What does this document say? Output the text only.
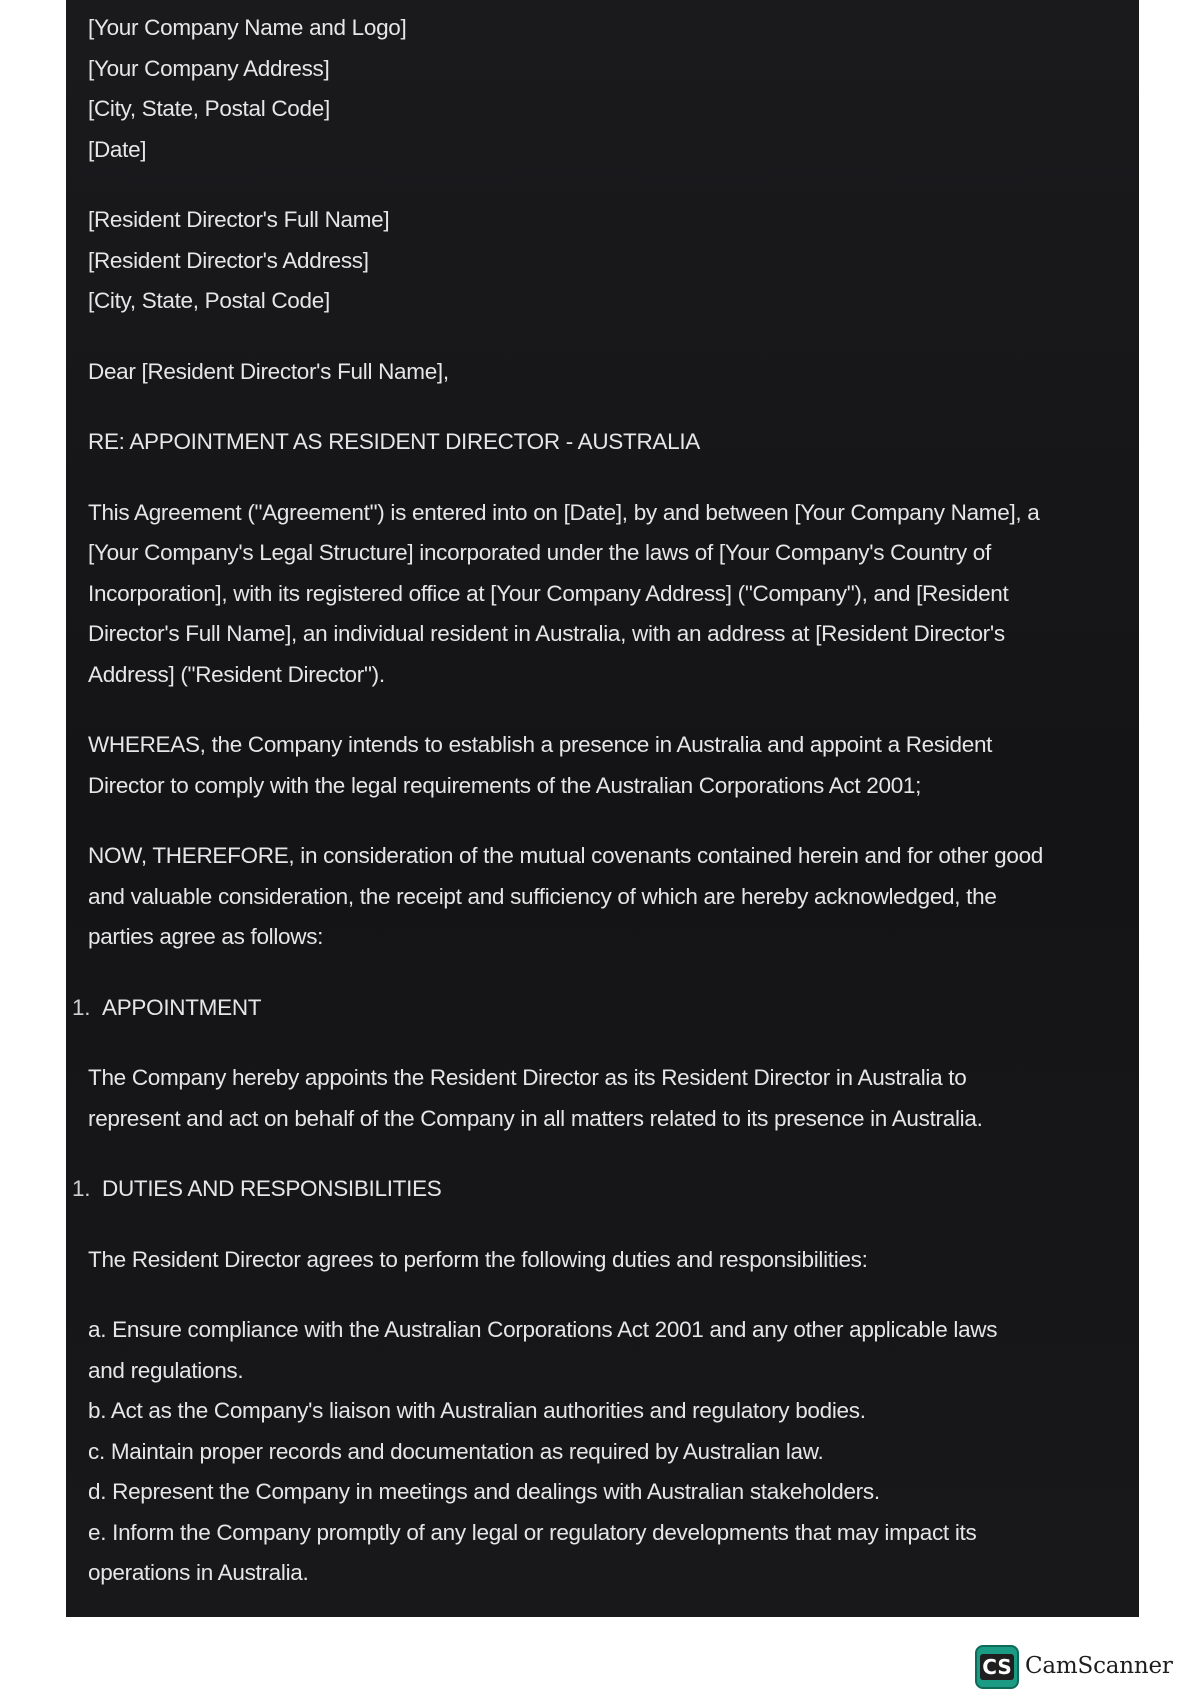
[Your Company Name and Logo]
[Your Company Address]
[City, State, Postal Code]
[Date]
[Resident Director's Full Name]
[Resident Director's Address]
[City, State, Postal Code]
Dear [Resident Director's Full Name],
RE: APPOINTMENT AS RESIDENT DIRECTOR - AUSTRALIA
This Agreement ("Agreement") is entered into on [Date], by and between [Your Company Name], a
[Your Company's Legal Structure] incorporated under the laws of [Your Company's Country of
Incorporation], with its registered office at [Your Company Address] ("Company"), and [Resident
Director's Full Name], an individual resident in Australia, with an address at [Resident Director's
Address] ("Resident Director").
WHEREAS, the Company intends to establish a presence in Australia and appoint a Resident
Director to comply with the legal requirements of the Australian Corporations Act 2001;
NOW, THEREFORE, in consideration of the mutual covenants contained herein and for other good
and valuable consideration, the receipt and sufficiency of which are hereby acknowledged, the
parties agree as follows:
1. APPOINTMENT
The Company hereby appoints the Resident Director as its Resident Director in Australia to
represent and act on behalf of the Company in all matters related to its presence in Australia.
1. DUTIES AND RESPONSIBILITIES
The Resident Director agrees to perform the following duties and responsibilities:
a. Ensure compliance with the Australian Corporations Act 2001 and any other applicable laws
and regulations.
b. Act as the Company's liaison with Australian authorities and regulatory bodies.
c. Maintain proper records and documentation as required by Australian law.
d. Represent the Company in meetings and dealings with Australian stakeholders.
e. Inform the Company promptly of any legal or regulatory developments that may impact its
operations in Australia.
CS CamScanner
